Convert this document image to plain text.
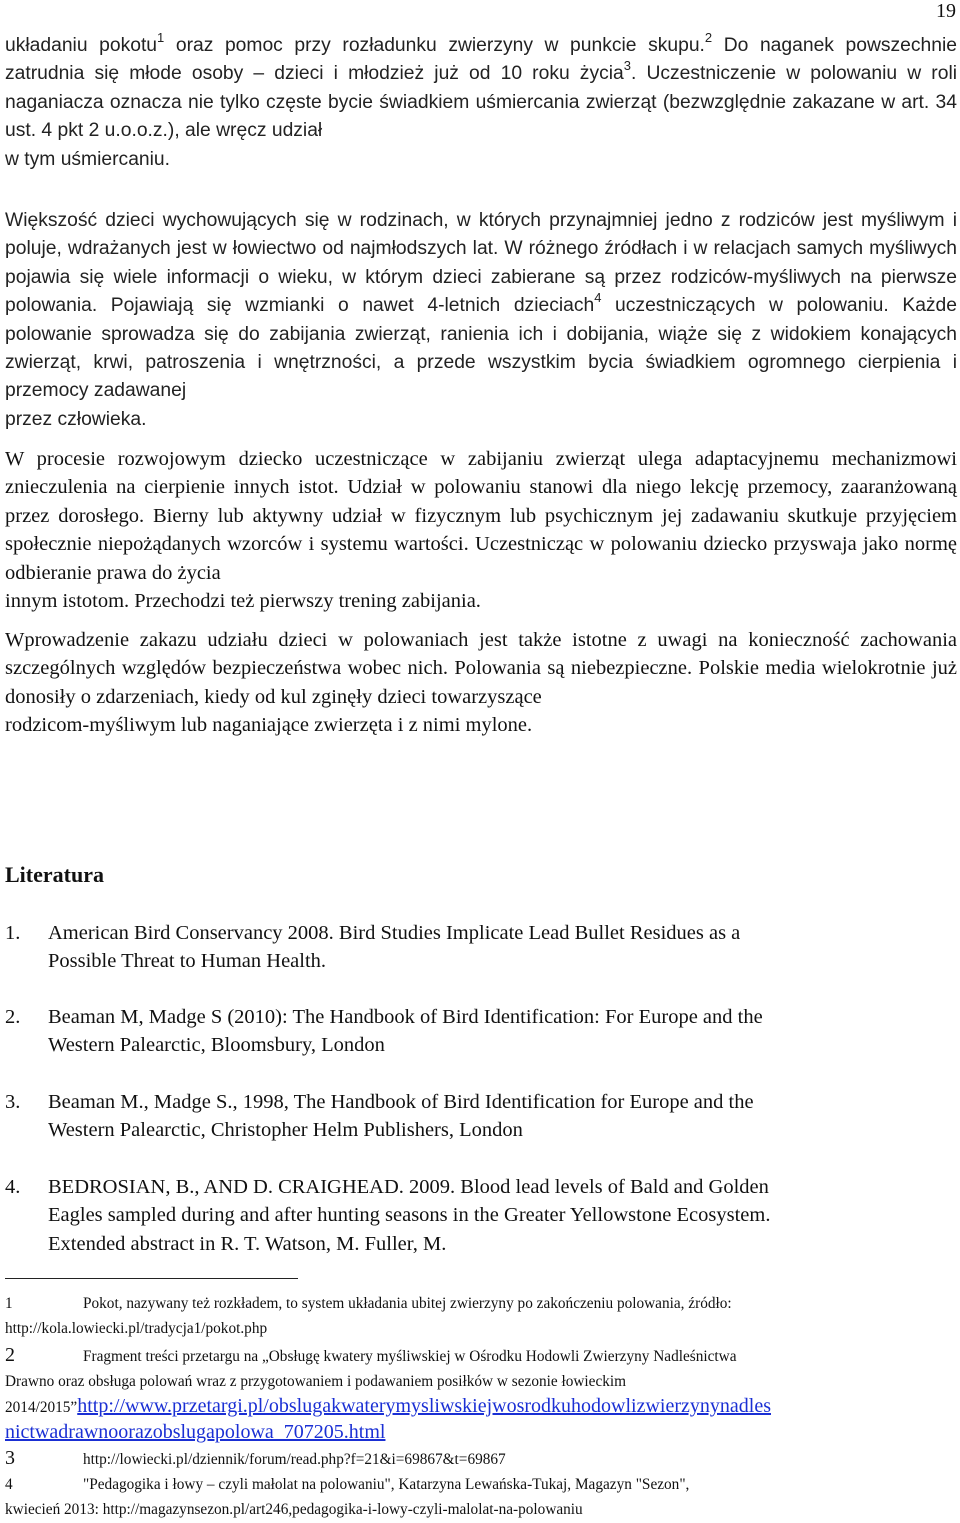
19

układaniu pokotu$^1$ oraz pomoc przy rozładunku zwierzyny w punkcie skupu.$^2$ Do naganek powszechnie zatrudnia się młode osoby – dzieci i młodzież już od 10 roku życia$^3$. Uczestniczenie w polowaniu w roli naganiacza oznacza nie tylko częste bycie świadkiem uśmiercania zwierząt (bezwzględnie zakazane w art. 34 ust. 4 pkt 2 u.o.o.z.), ale wręcz udział

w tym uśmiercaniu.

Większość dzieci wychowujących się w rodzinach, w których przynajmniej jedno z rodziców jest myśliwym i poluje, wdrażanych jest w łowiectwo od najmłodszych lat. W różnego źródłach i w relacjach samych myśliwych pojawia się wiele informacji o wieku, w którym dzieci zabierane są przez rodziców-myśliwych na pierwsze polowania. Pojawiają się wzmianki o nawet 4-letnich dzieciach$^4$ uczestniczących w polowaniu. Każde polowanie sprowadza się do zabijania zwierząt, ranienia ich i dobijania, wiąże się z widokiem konających zwierząt, krwi, patroszenia i wnętrzności, a przede wszystkim bycia świadkiem ogromnego cierpienia i przemocy zadawanej

przez człowieka.

W procesie rozwojowym dziecko uczestniczące w zabijaniu zwierząt ulega adaptacyjnemu mechanizmowi znieczulenia na cierpienie innych istot. Udział w polowaniu stanowi dla niego lekcję przemocy, zaaranżowaną przez dorosłego. Bierny lub aktywny udział w fizycznym lub psychicznym jej zadawaniu skutkuje przyjęciem społecznie niepożądanych wzorców i systemu wartości. Uczestnicząc w polowaniu dziecko przyswaja jako normę odbieranie prawa do życia

innym istotom. Przechodzi też pierwszy trening zabijania.

Wprowadzenie zakazu udziału dzieci w polowaniach jest także istotne z uwagi na konieczność zachowania szczególnych względów bezpieczeństwa wobec nich. Polowania są niebezpieczne. Polskie media wielokrotnie już donosiły o zdarzeniach, kiedy od kul zginęły dzieci towarzyszące

rodzicom-myśliwym lub naganiające zwierzęta i z nimi mylone.

Literatura
1. American Bird Conservancy 2008. Bird Studies Implicate Lead Bullet Residues as a
Possible Threat to Human Health.
2. Beaman M, Madge S (2010): The Handbook of Bird Identification: For Europe and the
Western Palearctic, Bloomsbury, London
3. Beaman M., Madge S., 1998, The Handbook of Bird Identification for Europe and the
Western Palearctic, Christopher Helm Publishers, London
4. BEDROSIAN, B., AND D. CRAIGHEAD. 2009. Blood lead levels of Bald and Golden
Eagles sampled during and after hunting seasons in the Greater Yellowstone Ecosystem.
Extended abstract in R. T. Watson, M. Fuller, M.
1	Pokot, nazywany też rozkładem, to system układania ubitej zwierzyny po zakończeniu polowania, źródło:
http://kola.lowiecki.pl/tradycja1/pokot.php
2	Fragment treści przetargu na „Obsługę kwatery myśliwskiej w Ośrodku Hodowli Zwierzyny Nadleśnictwa
Drawno oraz obsługa polowań wraz z przygotowaniem i podawaniem posiłków w sezonie łowieckim
2014/2015”http://www.przetargi.pl/obslugakwaterymysliwskiejwosrodkuhodowlizwierzynynadles
nictwadrawnoorazobslugapolowa_707205.html
3	http://lowiecki.pl/dziennik/forum/read.php?f=21&i=69867&t=69867
4	"Pedagogika i łowy – czyli małolat na polowaniu", Katarzyna Lewańska-Tukaj, Magazyn "Sezon",
kwiecień 2013: http://magazynsezon.pl/art246,pedagogika-i-lowy-czyli-malolat-na-polowaniu
